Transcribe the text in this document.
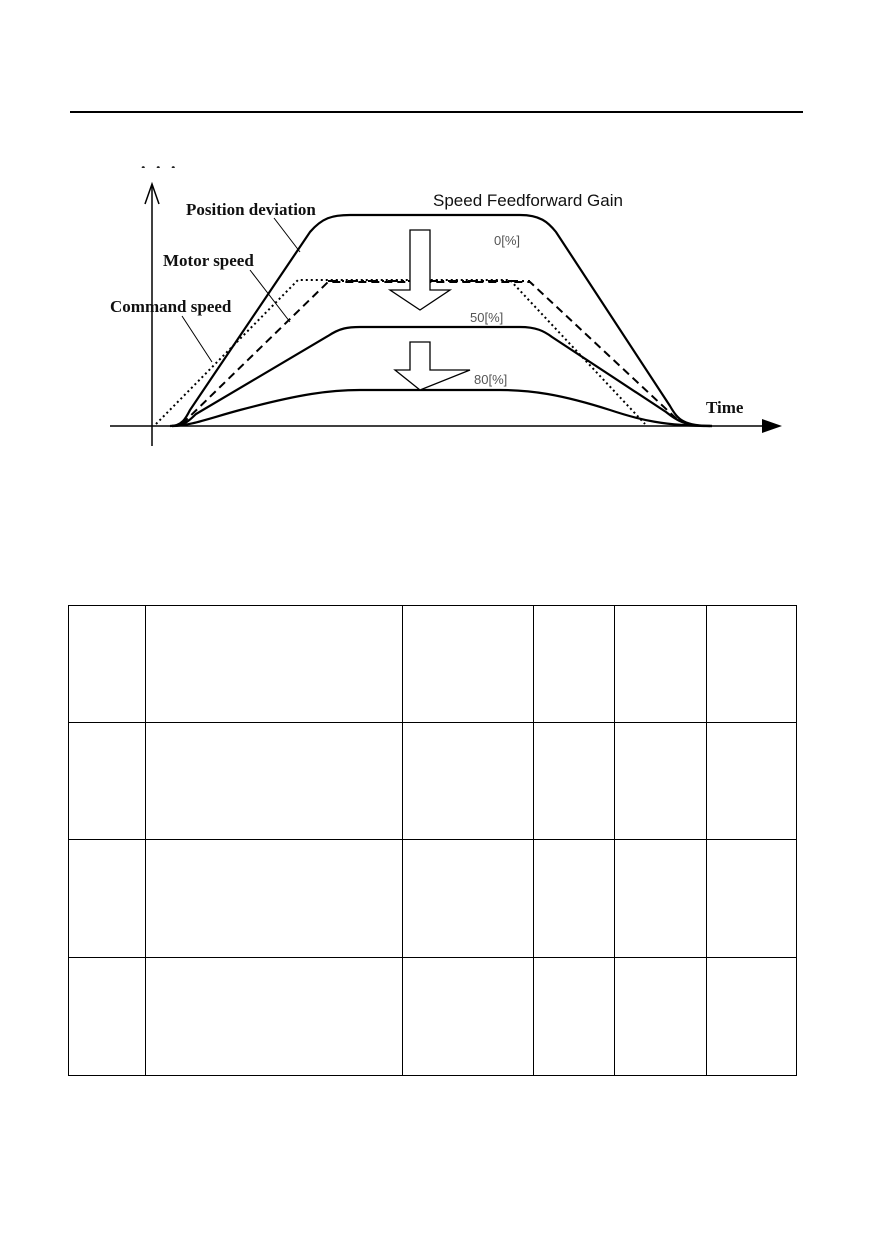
. . .
Position deviation
Motor speed
Command speed
Speed Feedforward Gain
Time
0[%]
50[%]
80[%]
